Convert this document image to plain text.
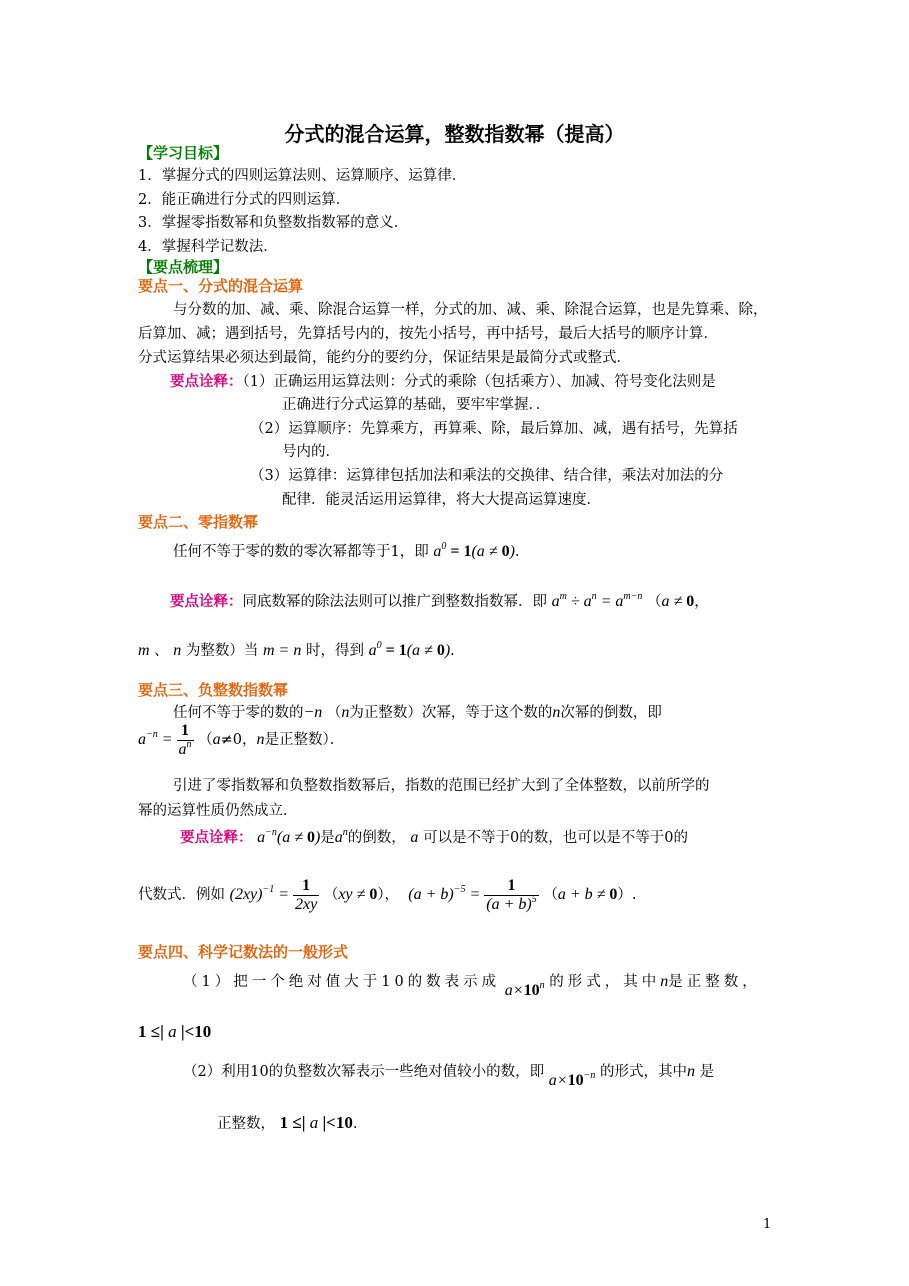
分式的混合运算，整数指数幂（提高）
【学习目标】
1．掌握分式的四则运算法则、运算顺序、运算律．
2．能正确进行分式的四则运算．
3．掌握零指数幂和负整数指数幂的意义．
4．掌握科学记数法．
【要点梳理】
要点一、分式的混合运算
与分数的加、减、乘、除混合运算一样，分式的加、减、乘、除混合运算，也是先算乘、除，
后算加、减；遇到括号，先算括号内的，按先小括号，再中括号，最后大括号的顺序计算．
分式运算结果必须达到最简，能约分的要约分，保证结果是最简分式或整式．
要点诠释：（1）正确运用运算法则：分式的乘除（包括乘方）、加减、符号变化法则是
正确进行分式运算的基础，要牢牢掌握．．
（2）运算顺序：先算乘方，再算乘、除，最后算加、减，遇有括号，先算括
号内的．
（3）运算律：运算律包括加法和乘法的交换律、结合律，乘法对加法的分
配律．能灵活运用运算律，将大大提高运算速度．
要点二、零指数幂
任何不等于零的数的零次幂都等于1，即 $a^0 = 1(a \ne 0)$.
要点诠释：同底数幂的除法法则可以推广到整数指数幂．即 $a^m \div a^n = a^{m-n}$ （a ≠ 0，
m 、 n 为整数）当 m = n 时，得到 $a^0 = 1(a \ne 0)$.
要点三、负整数指数幂
任何不等于零的数的−n （n为正整数）次幂，等于这个数的n次幂的倒数，即
$a^{-n} = \frac{1}{a^n} (a\ne 0$，n是正整数）．
引进了零指数幂和负整数指数幂后，指数的范围已经扩大到了全体整数，以前所学的
幂的运算性质仍然成立．
要点诠释： $a^{-n}(a \ne 0)$是$a^n$的倒数， a 可以是不等于0的数，也可以是不等于0的
代数式．例如 $(2xy)^{-1} = \frac{1}{2xy} (xy \ne 0)$，  $(a + b)^{-5} = \frac{1}{(a + b)^5} (a + b \ne 0)$.
要点四、科学记数法的一般形式
（1）把一个绝对值大于10的数表示成 $a\times 10^n$ 的形式，其中n是正整数，
1 ≤| a |<10
（2）利用10的负整数次幂表示一些绝对值较小的数，即 $a\times 10^{-n}$ 的形式，其中n 是
正整数， 1 ≤| a |<10.
1
